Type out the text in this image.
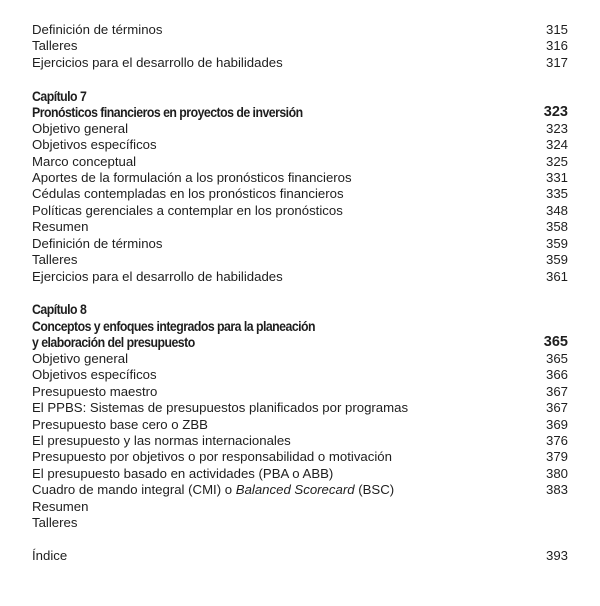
Definición de términos	315
Talleres	316
Ejercicios para el desarrollo de habilidades	317
Capítulo 7
Pronósticos financieros en proyectos de inversión	323
Objetivo general	323
Objetivos específicos	324
Marco conceptual	325
Aportes de la formulación a los pronósticos financieros	331
Cédulas contempladas en los pronósticos financieros	335
Políticas gerenciales a contemplar en los pronósticos	348
Resumen	358
Definición de términos	359
Talleres	359
Ejercicios para el desarrollo de habilidades	361
Capítulo 8
Conceptos y enfoques integrados para la planeación
y elaboración del presupuesto	365
Objetivo general	365
Objetivos específicos	366
Presupuesto maestro	367
El PPBS: Sistemas de presupuestos planificados por programas	367
Presupuesto base cero o ZBB	369
El presupuesto y las normas internacionales	376
Presupuesto por objetivos o por responsabilidad o motivación	379
El presupuesto basado en actividades (PBA o ABB)	380
Cuadro de mando integral (CMI) o Balanced Scorecard (BSC)	383
Resumen
Talleres
Índice	393
